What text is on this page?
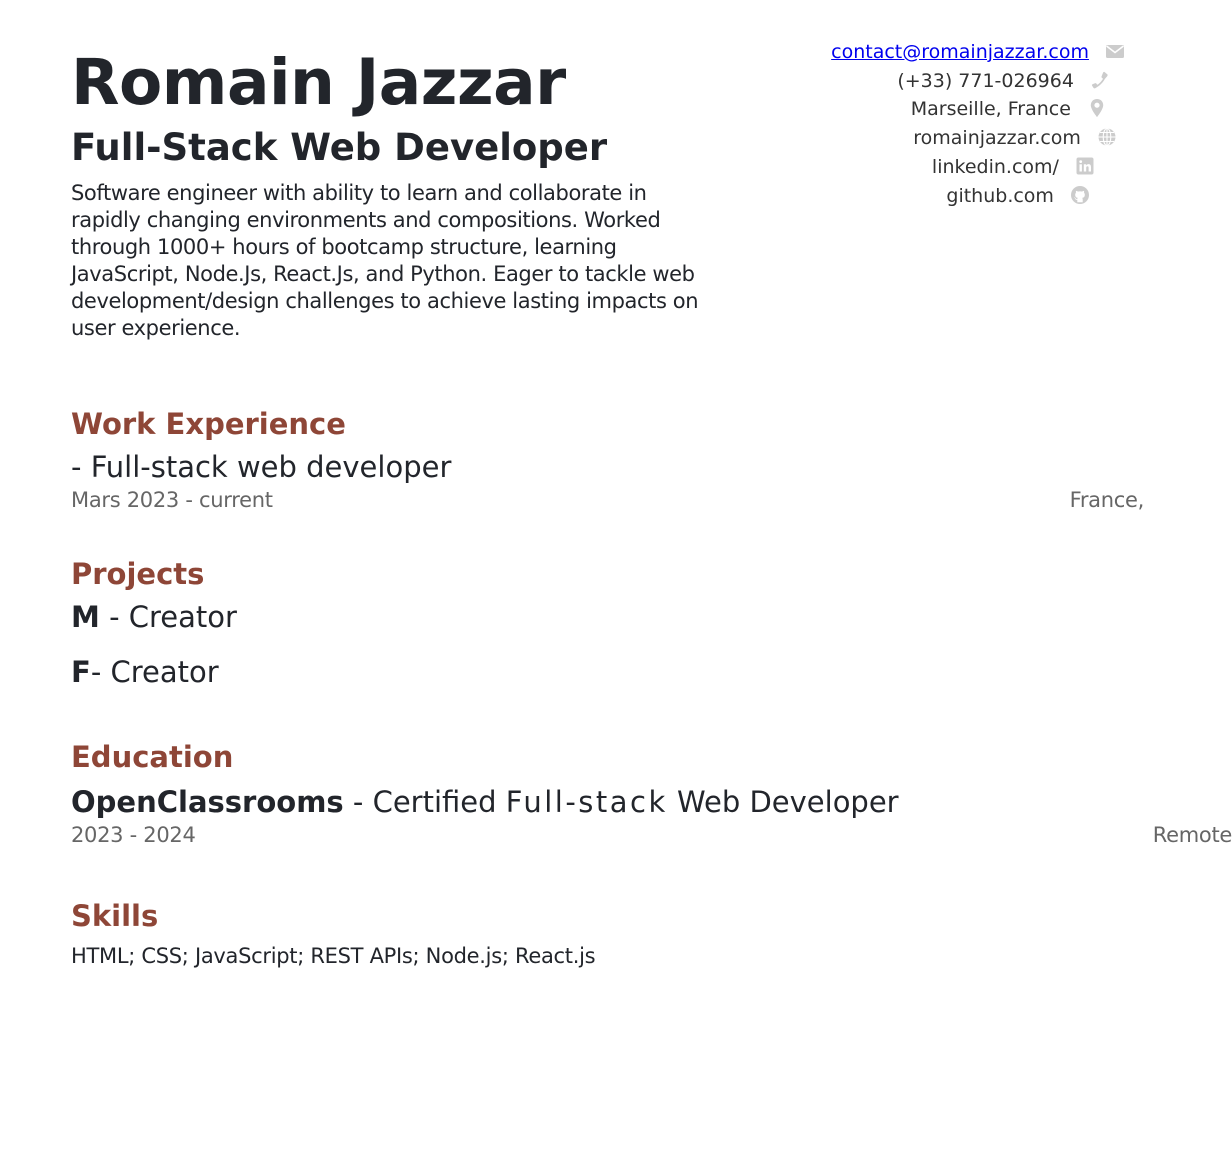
Romain Jazzar
Full-Stack Web Developer
Software engineer with ability to learn and collaborate in rapidly changing environments and compositions. Worked through 1000+ hours of bootcamp structure, learning JavaScript, Node.Js, React.Js, and Python. Eager to tackle web development/design challenges to achieve lasting impacts on user experience.
contact@romainjazzar.com
(+33) 771-026964
Marseille, France
romainjazzar.com
linkedin.com/
github.com
Work Experience
- Full-stack web developer
Mars 2023 - current	France,
Projects
M - Creator
F- Creator
Education
OpenClassrooms - Certified Full-stack Web Developer
2023 - 2024	Remote
Skills
HTML; CSS; JavaScript; REST APIs; Node.js; React.js
